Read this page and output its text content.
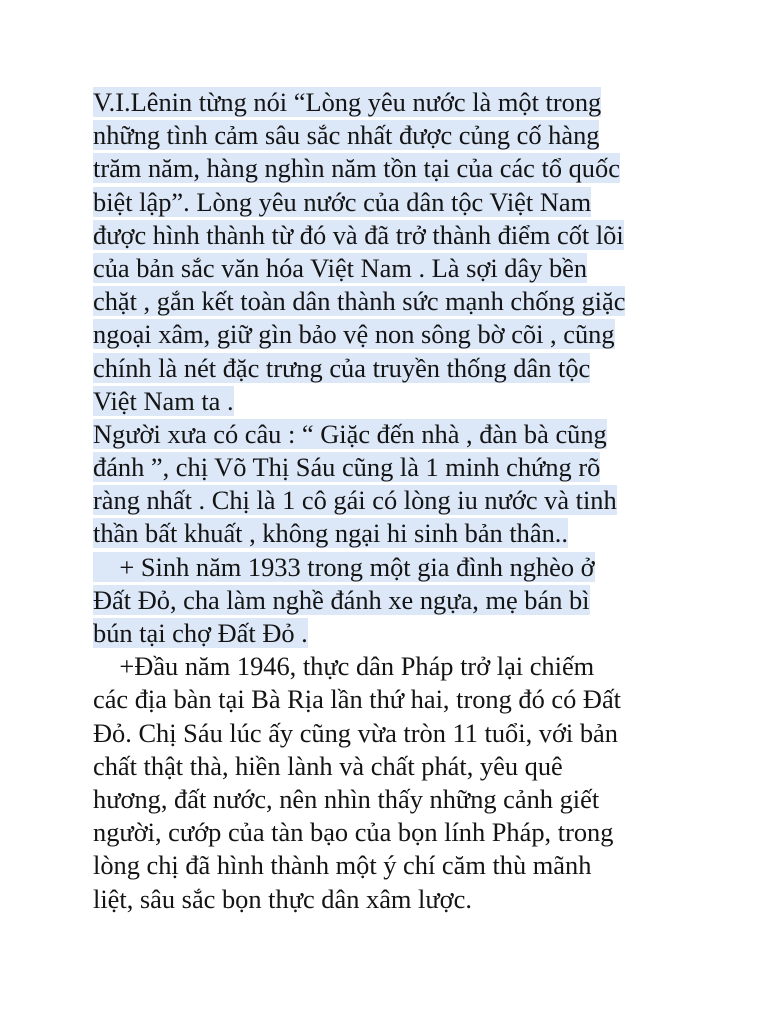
V.I.Lênin từng nói “Lòng yêu nước là một trong
những tình cảm sâu sắc nhất được củng cố hàng
trăm năm, hàng nghìn năm tồn tại của các tổ quốc
biệt lập”. Lòng yêu nước của dân tộc Việt Nam
được hình thành từ đó và đã trở thành điểm cốt lõi
của bản sắc văn hóa Việt Nam . Là sợi dây bền
chặt , gắn kết toàn dân thành sức mạnh chống giặc
ngoại xâm, giữ gìn bảo vệ non sông bờ cõi , cũng
chính là nét đặc trưng của truyền thống dân tộc
Việt Nam ta .
Người xưa có câu : “ Giặc đến nhà , đàn bà cũng
đánh ”, chị Võ Thị Sáu cũng là 1 minh chứng rõ
ràng nhất . Chị là 1 cô gái có lòng iu nước và tinh
thần bất khuất , không ngại hi sinh bản thân..
+ Sinh năm 1933 trong một gia đình nghèo ở
Đất Đỏ, cha làm nghề đánh xe ngựa, mẹ bán bì
bún tại chợ Đất Đỏ .
+Đầu năm 1946, thực dân Pháp trở lại chiếm
các địa bàn tại Bà Rịa lần thứ hai, trong đó có Đất
Đỏ. Chị Sáu lúc ấy cũng vừa tròn 11 tuổi, với bản
chất thật thà, hiền lành và chất phát, yêu quê
hương, đất nước, nên nhìn thấy những cảnh giết
người, cướp của tàn bạo của bọn lính Pháp, trong
lòng chị đã hình thành một ý chí căm thù mãnh
liệt, sâu sắc bọn thực dân xâm lược.
